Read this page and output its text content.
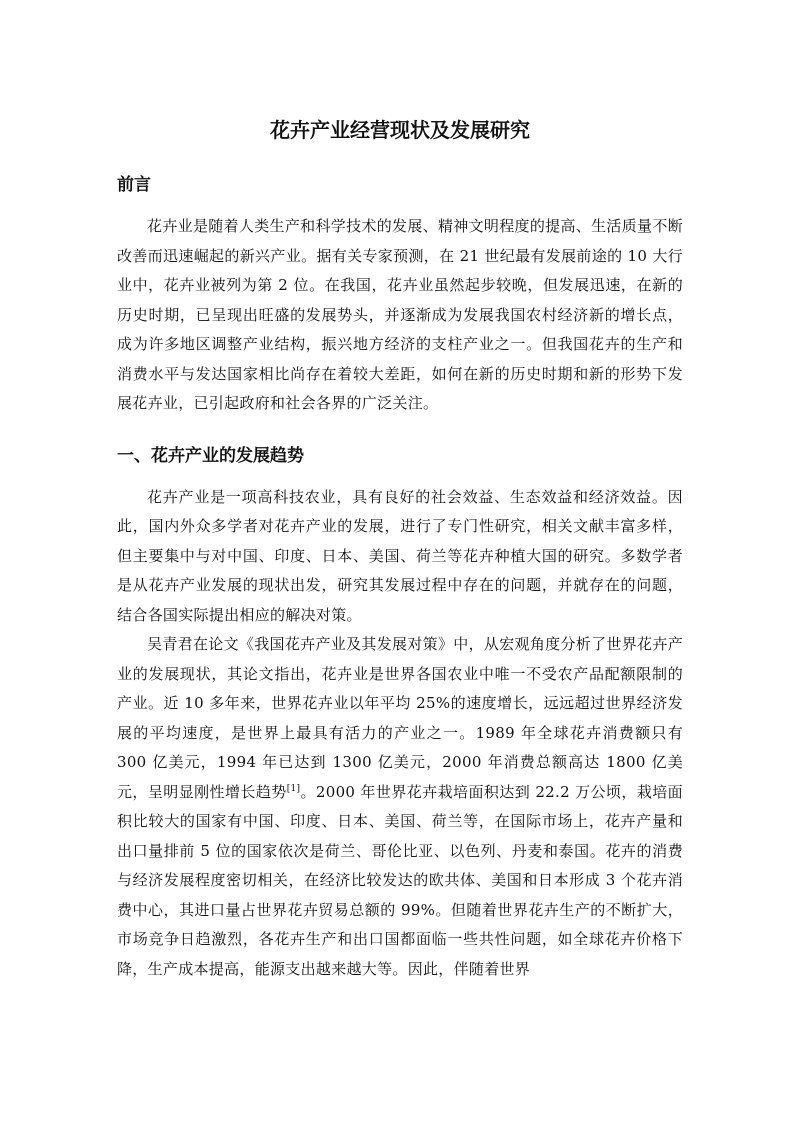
花卉产业经营现状及发展研究
前言

花卉业是随着人类生产和科学技术的发展、精神文明程度的提高、生活质量不断改善而迅速崛起的新兴产业。据有关专家预测，在 21 世纪最有发展前途的 10 大行业中，花卉业被列为第 2 位。在我国，花卉业虽然起步较晚，但发展迅速，在新的历史时期，已呈现出旺盛的发展势头，并逐渐成为发展我国农村经济新的增长点，成为许多地区调整产业结构，振兴地方经济的支柱产业之一。但我国花卉的生产和消费水平与发达国家相比尚存在着较大差距，如何在新的历史时期和新的形势下发展花卉业，已引起政府和社会各界的广泛关注。

一、花卉产业的发展趋势

花卉产业是一项高科技农业，具有良好的社会效益、生态效益和经济效益。因此，国内外众多学者对花卉产业的发展，进行了专门性研究，相关文献丰富多样，但主要集中与对中国、印度、日本、美国、荷兰等花卉种植大国的研究。多数学者是从花卉产业发展的现状出发，研究其发展过程中存在的问题，并就存在的问题，结合各国实际提出相应的解决对策。

吴青君在论文《我国花卉产业及其发展对策》中，从宏观角度分析了世界花卉产业的发展现状，其论文指出，花卉业是世界各国农业中唯一不受农产品配额限制的产业。近 10 多年来，世界花卉业以年平均 25%的速度增长，远远超过世界经济发展的平均速度，是世界上最具有活力的产业之一。1989 年全球花卉消费额只有 300 亿美元，1994 年已达到 1300 亿美元，2000 年消费总额高达 1800 亿美元，呈明显刚性增长趋势[1]。2000 年世界花卉栽培面积达到 22.2 万公顷，栽培面积比较大的国家有中国、印度、日本、美国、荷兰等，在国际市场上，花卉产量和出口量排前 5 位的国家依次是荷兰、哥伦比亚、以色列、丹麦和泰国。花卉的消费与经济发展程度密切相关，在经济比较发达的欧共体、美国和日本形成 3 个花卉消费中心，其进口量占世界花卉贸易总额的 99%。但随着世界花卉生产的不断扩大，市场竞争日趋激烈，各花卉生产和出口国都面临一些共性问题，如全球花卉价格下降，生产成本提高，能源支出越来越大等。因此，伴随着世界
